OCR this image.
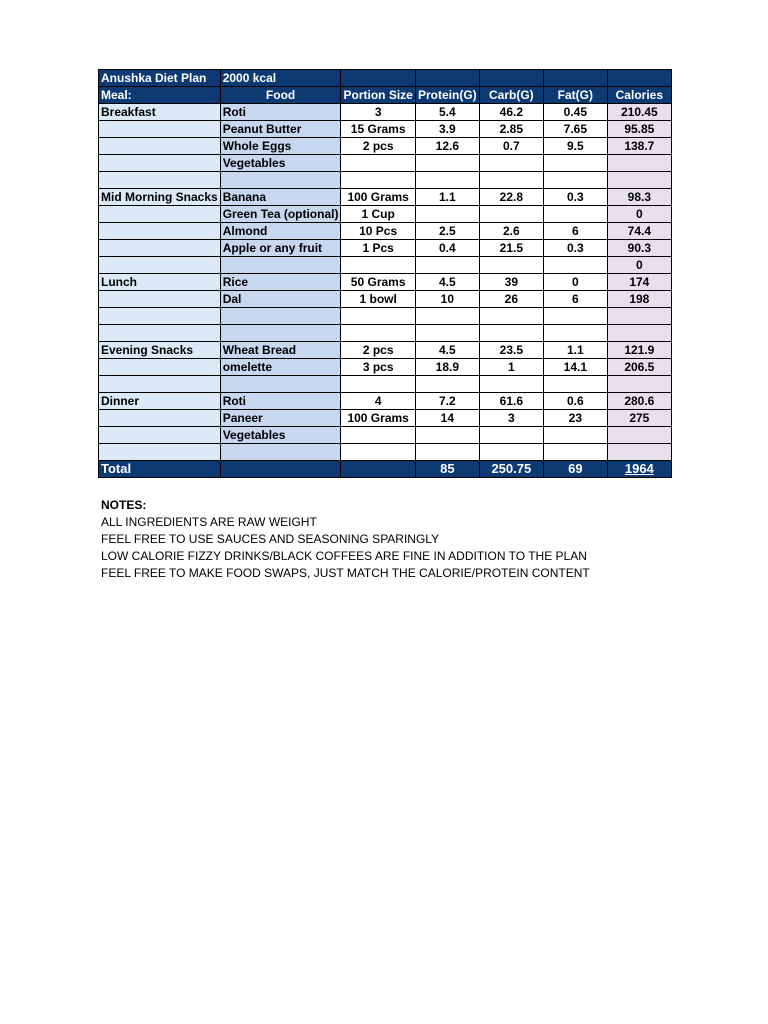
Anushka Diet Plan	2000 kcal					
Meal:	Food	Portion Size	Protein(G)	Carb(G)	Fat(G)	Calories
Breakfast	Roti	3	5.4	46.2	0.45	210.45
	Peanut Butter	15 Grams	3.9	2.85	7.65	95.85
	Whole Eggs	2 pcs	12.6	0.7	9.5	138.7
	Vegetables					

Mid Morning Snacks	Banana	100 Grams	1.1	22.8	0.3	98.3
	Green Tea (optional)	1 Cup				0
	Almond	10 Pcs	2.5	2.6	6	74.4
	Apple or any fruit	1 Pcs	0.4	21.5	0.3	90.3
						0
Lunch	Rice	50 Grams	4.5	39	0	174
	Dal	1 bowl	10	26	6	198

Evening Snacks	Wheat Bread	2 pcs	4.5	23.5	1.1	121.9
	omelette	3 pcs	18.9	1	14.1	206.5

Dinner	Roti	4	7.2	61.6	0.6	280.6
	Paneer	100 Grams	14	3	23	275
	Vegetables					

Total			85	250.75	69	1964
NOTES:
ALL INGREDIENTS ARE RAW WEIGHT
FEEL FREE TO USE SAUCES AND SEASONING SPARINGLY
LOW CALORIE FIZZY DRINKS/BLACK COFFEES ARE FINE IN ADDITION TO THE PLAN
FEEL FREE TO MAKE FOOD SWAPS, JUST MATCH THE CALORIE/PROTEIN CONTENT
